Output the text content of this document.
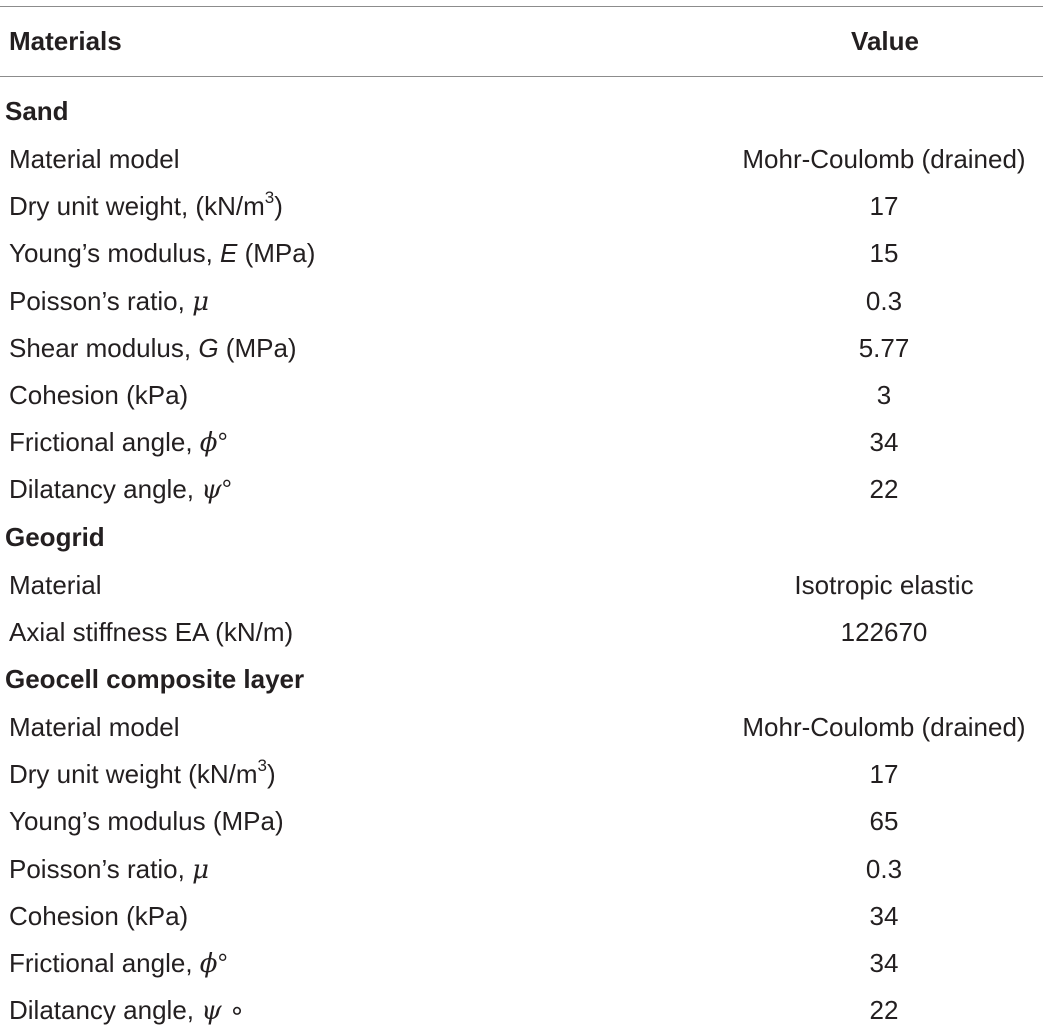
Materials	Value
Sand
Material model	Mohr-Coulomb (drained)
Dry unit weight, $(kN/m^3)$	17
Young’s modulus, E (MPa)	15
Poisson’s ratio, μ	0.3
Shear modulus, G (MPa)	5.77
Cohesion (kPa)	3
Frictional angle, ϕ°	34
Dilatancy angle, ψ°	22
Geogrid
Material	Isotropic elastic
Axial stiffness EA (kN/m)	122670
Geocell composite layer
Material model	Mohr-Coulomb (drained)
Dry unit weight $(kN/m^3)$	17
Young’s modulus (MPa)	65
Poisson’s ratio, μ	0.3
Cohesion (kPa)	34
Frictional angle, ϕ°	34
Dilatancy angle, ψ ∘	22
